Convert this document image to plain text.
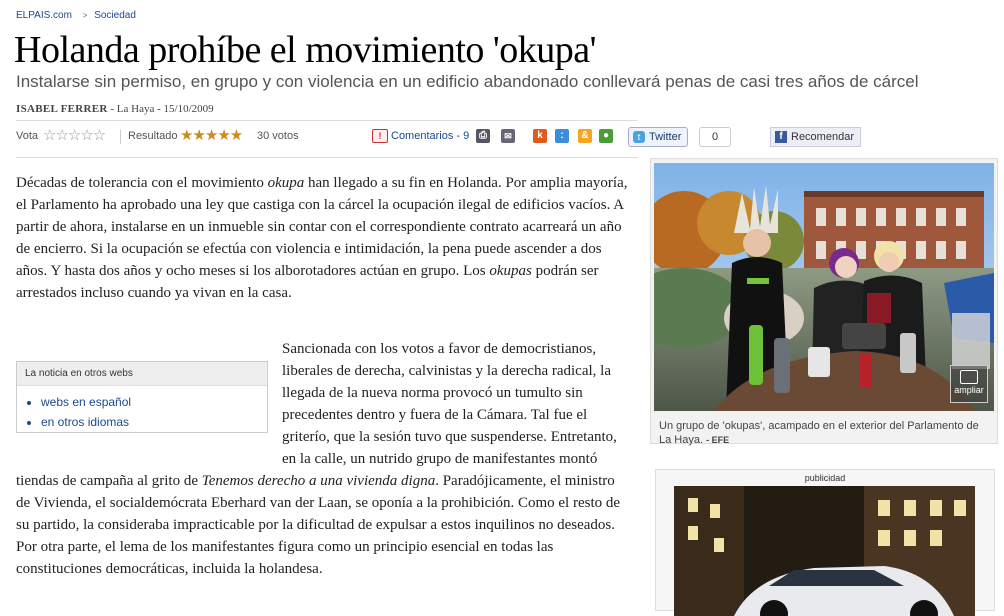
ELPAIS.com > Sociedad
Holanda prohíbe el movimiento 'okupa'
Instalarse sin permiso, en grupo y con violencia en un edificio abandonado conllevará penas de casi tres años de cárcel
ISABEL FERRER - La Haya - 15/10/2009
Vota ☆☆☆☆☆ Resultado ★★★★★ 30 votos	! Comentarios - 9 ⎙	✉	k	:	&	●	t Twitter	0	f Recomendar

Décadas de tolerancia con el movimiento okupa han llegado a su fin en Holanda. Por amplia mayoría, el Parlamento ha aprobado una ley que castiga con la cárcel la ocupación ilegal de edificios vacíos. A partir de ahora, instalarse en un inmueble sin contar con el correspondiente contrato acarreará un año de encierro. Si la ocupación se efectúa con violencia e intimidación, la pena puede ascender a dos años. Y hasta dos años y ocho meses si los alborotadores actúan en grupo. Los okupas podrán ser arrestados incluso cuando ya vivan en la casa.

Sancionada con los votos a favor de democristianos, liberales de derecha, calvinistas y la derecha radical, la llegada de la nueva norma provocó un tumulto sin precedentes dentro y fuera de la Cámara. Tal fue el griterío, que la sesión tuvo que suspenderse. Entretanto, en la calle, un nutrido grupo de manifestantes montó tiendas de campaña al grito de Tenemos derecho a una vivienda digna. Paradójicamente, el ministro de Vivienda, el socialdemócrata Eberhard van der Laan, se oponía a la prohibición. Como el resto de su partido, la consideraba impracticable por la dificultad de expulsar a estos inquilinos no deseados. Por otra parte, el lema de los manifestantes figura como un principio esencial en todas las constituciones democráticas, incluida la holandesa.

La noticia en otros webs
• webs en español
• en otros idiomas
ampliar
Un grupo de 'okupas', acampado en el exterior del Parlamento de La Haya. - EFE
publicidad
